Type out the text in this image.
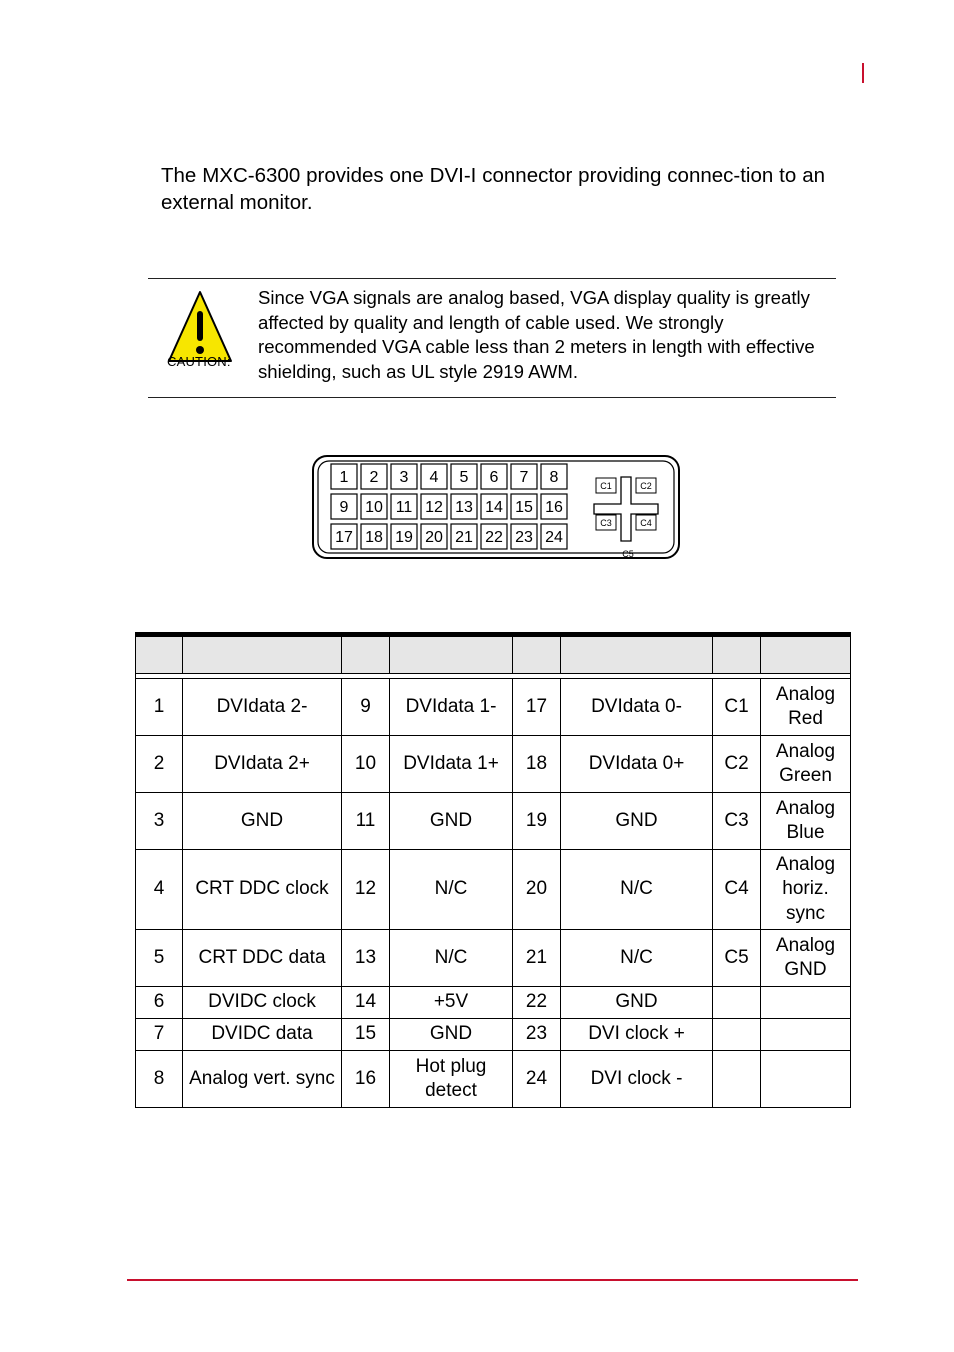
The MXC-6300 provides one DVI-I connector providing connec-tion to an external monitor.

CAUTION:

Since VGA signals are analog based, VGA display quality is greatly affected by quality and length of cable used. We strongly recommended VGA cable less than 2 meters in length with effective shielding, such as UL style 2919 AWM.

1 2 3 4 5 6 7 8
9 10 11 12 13 14 15 16
17 18 19 20 21 22 23 24
C1	C2
C3	C4
C5

1	DVIdata 2-	9	DVIdata 1-	17	DVIdata 0-	C1	Analog Red
2	DVIdata 2+	10	DVIdata 1+	18	DVIdata 0+	C2	Analog Green
3	GND	11	GND	19	GND	C3	Analog Blue
4	CRT DDC clock	12	N/C	20	N/C	C4	Analog horiz. sync
5	CRT DDC data	13	N/C	21	N/C	C5	Analog GND
6	DVIDC clock	14	+5V	22	GND		
7	DVIDC data	15	GND	23	DVI clock +		
8	Analog vert. sync	16	Hot plug detect	24	DVI clock -		
